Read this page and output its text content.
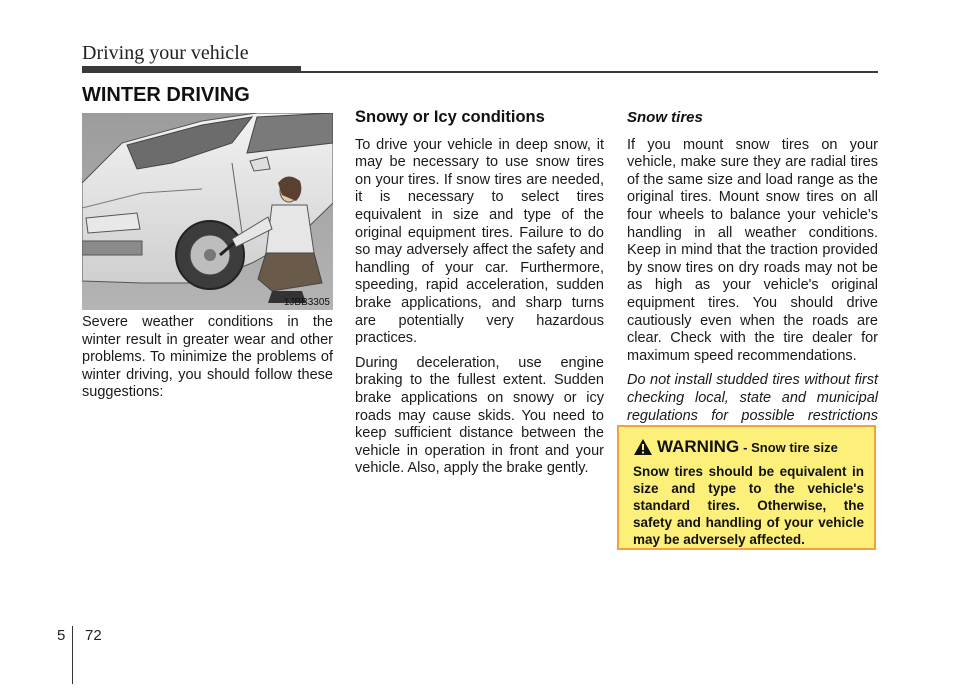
Driving your vehicle
WINTER DRIVING
1JBB3305

Severe weather conditions in the winter result in greater wear and other problems. To minimize the problems of winter driving, you should follow these suggestions:

Snowy or Icy conditions

To drive your vehicle in deep snow, it may be necessary to use snow tires on your tires. If snow tires are needed, it is necessary to select tires equivalent in size and type of the original equipment tires. Failure to do so may adversely affect the safety and handling of your car. Furthermore, speeding, rapid acceleration, sudden brake applications, and sharp turns are potentially very hazardous practices.

During deceleration, use engine braking to the fullest extent. Sudden brake applications on snowy or icy roads may cause skids. You need to keep sufficient distance between the vehicle in operation in front and your vehicle. Also, apply the brake gently.

Snow tires

If you mount snow tires on your vehicle, make sure they are radial tires of the same size and load range as the original tires. Mount snow tires on all four wheels to balance your vehicle’s handling in all weather conditions. Keep in mind that the traction provided by snow tires on dry roads may not be as high as your vehicle's original equipment tires. You should drive cautiously even when the roads are clear. Check with the tire dealer for maximum speed recommendations.

Do not install studded tires without first checking local, state and municipal regulations for possible restrictions

WARNING - Snow tire size
Snow tires should be equivalent in size and type to the vehicle's standard tires. Otherwise, the safety and handling of your vehicle may be adversely affected.
5 72
